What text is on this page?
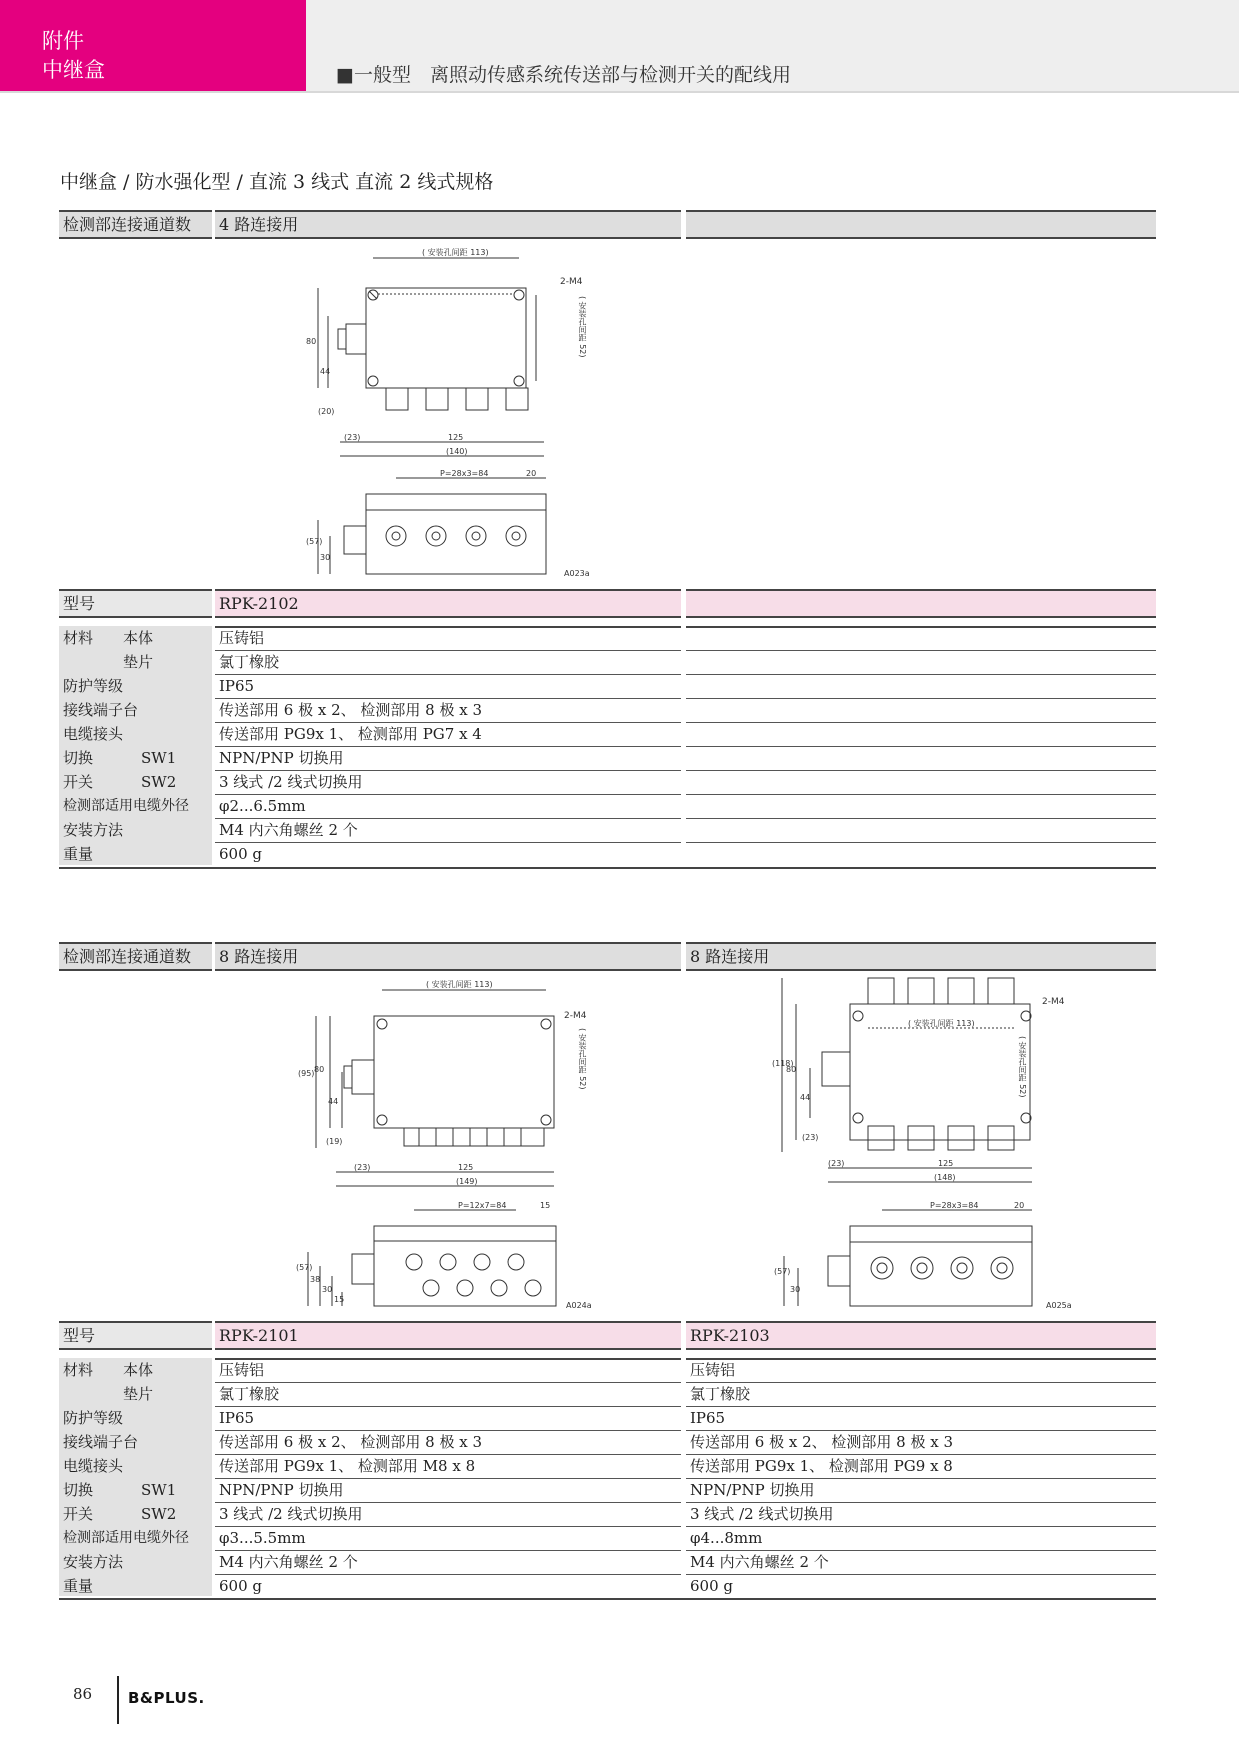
附件
中继盒	■一般型　离照动传感系统传送部与检测开关的配线用
中继盒 / 防水强化型 / 直流 3 线式 直流 2 线式规格
检测部连接通道数	4 路连接用
( 安装孔间距 113)
2-M4
80
44
(20)
(23)	125
(140)
P=28x3=84	20
(57)
30
A023a
( 安装孔间距 52)
型号	RPK-2102
材料	本体	压铸铝
垫片	氯丁橡胶
防护等级	IP65
接线端子台	传送部用 6 极 x 2、 检测部用 8 极 x 3
电缆接头	传送部用 PG9x 1、 检测部用 PG7 x 4
切换	SW1	NPN/PNP 切换用
开关	SW2	3 线式 /2 线式切换用
检测部适用电缆外径	φ2...6.5mm
安装方法	M4 内六角螺丝 2 个
重量	600 g
检测部连接通道数	8 路连接用	8 路连接用
( 安装孔间距 113)
2-M4
(95) 80
44
(19)
(23)	125
(149)
P=12x7=84	15
(57)
38
30
15
A024a
( 安装孔间距 52)
2-M4
( 安装孔间距 113)
(118)
80
44
(23)
(23)	125
(148)
P=28x3=84	20
(57)
30
A025a
( 安装孔间距 52)
型号	RPK-2101	RPK-2103
材料	本体	压铸铝	压铸铝
垫片	氯丁橡胶	氯丁橡胶
防护等级	IP65	IP65
接线端子台	传送部用 6 极 x 2、 检测部用 8 极 x 3	传送部用 6 极 x 2、 检测部用 8 极 x 3
电缆接头	传送部用 PG9x 1、 检测部用 M8 x 8	传送部用 PG9x 1、 检测部用 PG9 x 8
切换	SW1	NPN/PNP 切换用	NPN/PNP 切换用
开关	SW2	3 线式 /2 线式切换用	3 线式 /2 线式切换用
检测部适用电缆外径	φ3...5.5mm	φ4...8mm
安装方法	M4 内六角螺丝 2 个	M4 内六角螺丝 2 个
重量	600 g	600 g
86 B&PLUS.
